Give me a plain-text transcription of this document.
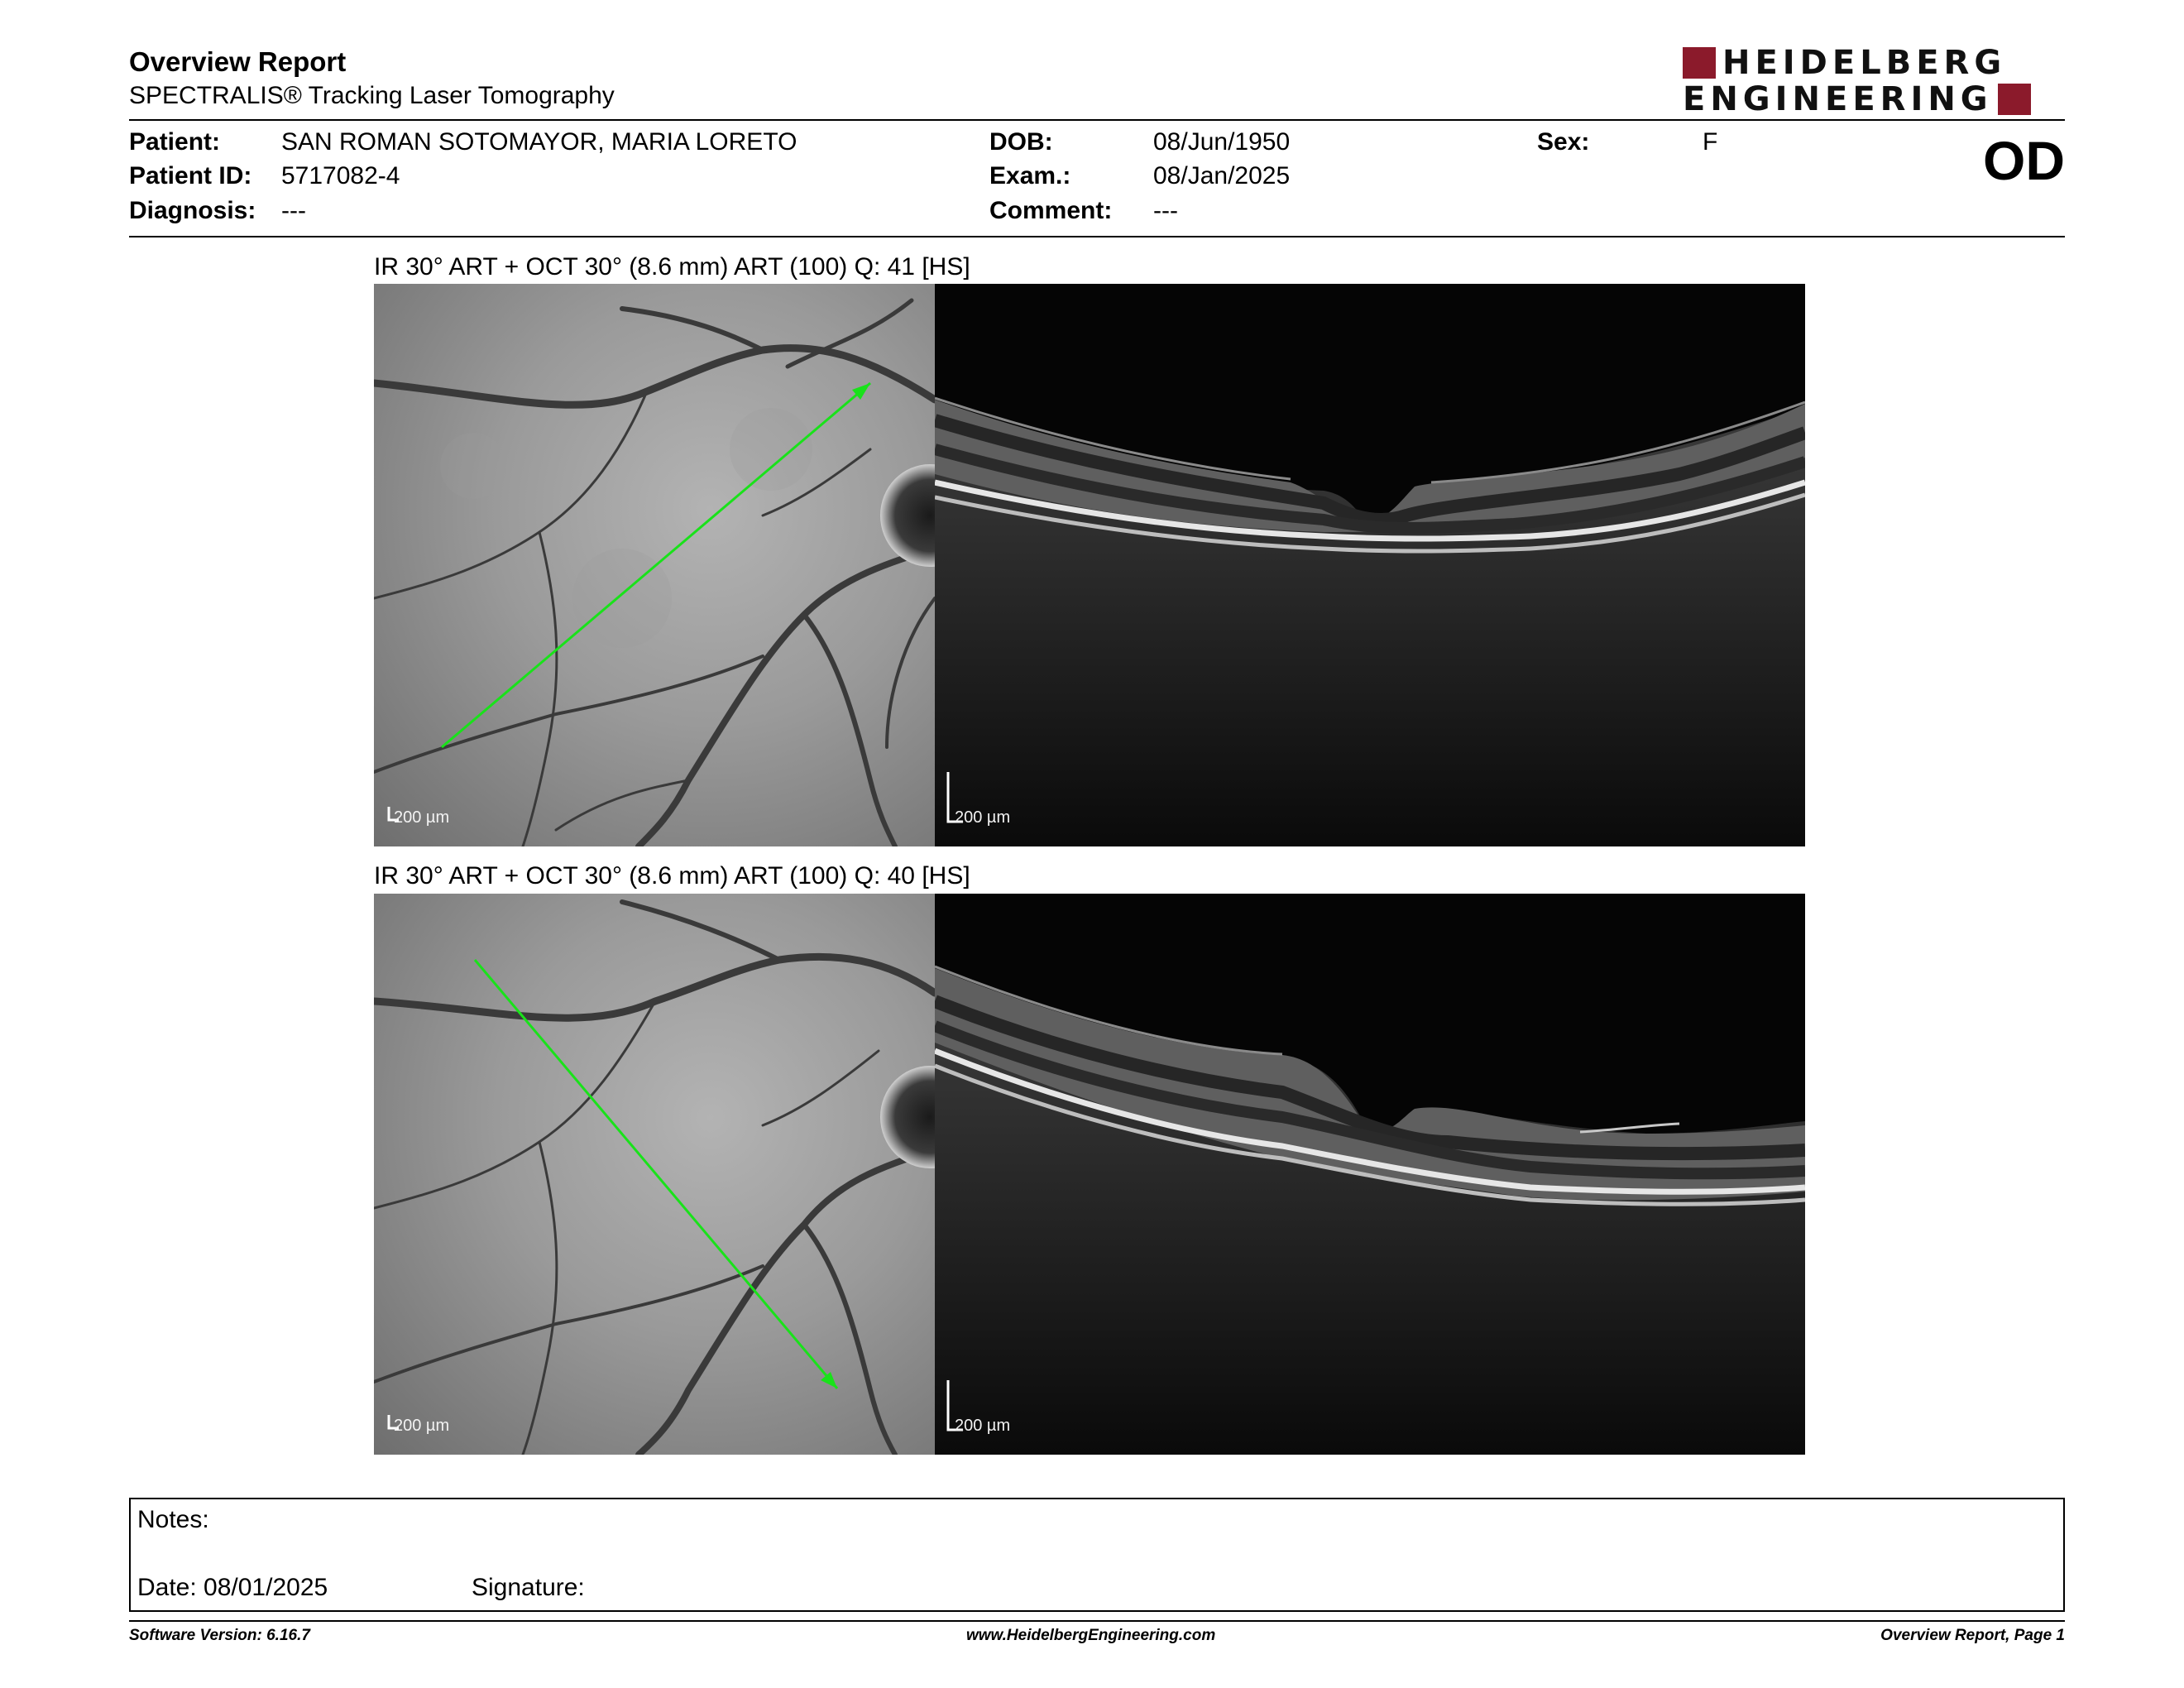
Overview Report
SPECTRALIS® Tracking Laser Tomography
HEIDELBERG
ENGINEERING
Patient: SAN ROMAN SOTOMAYOR, MARIA LORETO
Patient ID: 5717082-4
Diagnosis: ---
DOB:	08/Jun/1950
Exam.:	08/Jan/2025
Comment: ---
Sex:	F	OD
IR 30° ART + OCT 30° (8.6 mm) ART (100) Q: 41 [HS]
200 µm	200 µm
IR 30° ART + OCT 30° (8.6 mm) ART (100) Q: 40 [HS]
200 µm	200 µm
Notes:
Date: 08/01/2025	Signature:
Software Version: 6.16.7	www.HeidelbergEngineering.com	Overview Report, Page 1
